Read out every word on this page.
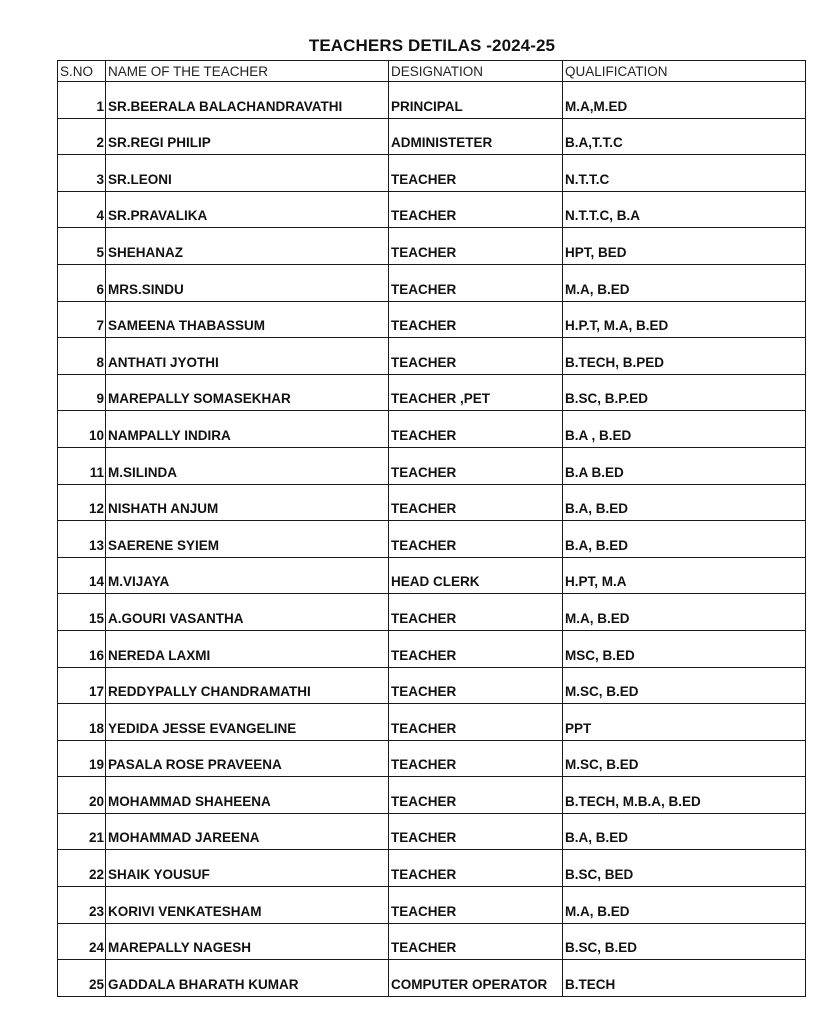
TEACHERS DETILAS -2024-25
S.NO	NAME OF THE TEACHER	DESIGNATION	QUALIFICATION
1	SR.BEERALA BALACHANDRAVATHI	PRINCIPAL	M.A,M.ED
2	SR.REGI PHILIP	ADMINISTETER	B.A,T.T.C
3	SR.LEONI	TEACHER	N.T.T.C
4	SR.PRAVALIKA	TEACHER	N.T.T.C, B.A
5	SHEHANAZ	TEACHER	HPT, BED
6	MRS.SINDU	TEACHER	M.A, B.ED
7	SAMEENA THABASSUM	TEACHER	H.P.T, M.A, B.ED
8	ANTHATI JYOTHI	TEACHER	B.TECH, B.PED
9	MAREPALLY SOMASEKHAR	TEACHER ,PET	B.SC, B.P.ED
10	NAMPALLY INDIRA	TEACHER	B.A , B.ED
11	M.SILINDA	TEACHER	B.A B.ED
12	NISHATH ANJUM	TEACHER	B.A, B.ED
13	SAERENE SYIEM	TEACHER	B.A, B.ED
14	M.VIJAYA	HEAD CLERK	H.PT, M.A
15	A.GOURI VASANTHA	TEACHER	M.A, B.ED
16	NEREDA LAXMI	TEACHER	MSC, B.ED
17	REDDYPALLY CHANDRAMATHI	TEACHER	M.SC, B.ED
18	YEDIDA JESSE EVANGELINE	TEACHER	PPT
19	PASALA ROSE PRAVEENA	TEACHER	M.SC, B.ED
20	MOHAMMAD SHAHEENA	TEACHER	B.TECH, M.B.A, B.ED
21	MOHAMMAD JAREENA	TEACHER	B.A, B.ED
22	SHAIK YOUSUF	TEACHER	B.SC, BED
23	KORIVI VENKATESHAM	TEACHER	M.A, B.ED
24	MAREPALLY NAGESH	TEACHER	B.SC, B.ED
25	GADDALA BHARATH KUMAR	COMPUTER OPERATOR	B.TECH
